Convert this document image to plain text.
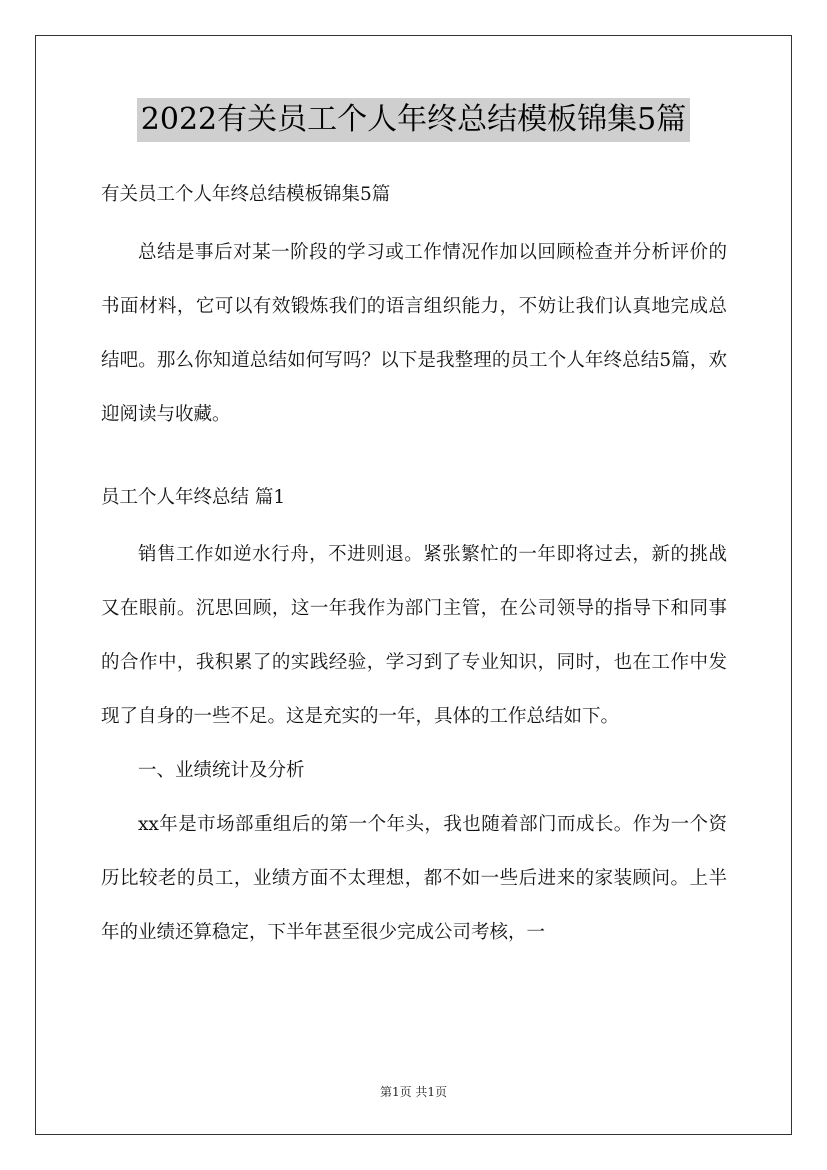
2022有关员工个人年终总结模板锦集5篇

有关员工个人年终总结模板锦集5篇

总结是事后对某一阶段的学习或工作情况作加以回顾检查并分析评价的书面材料，它可以有效锻炼我们的语言组织能力，不妨让我们认真地完成总结吧。那么你知道总结如何写吗？以下是我整理的员工个人年终总结5篇，欢迎阅读与收藏。

员工个人年终总结 篇1

销售工作如逆水行舟，不进则退。紧张繁忙的一年即将过去，新的挑战又在眼前。沉思回顾，这一年我作为部门主管，在公司领导的指导下和同事的合作中，我积累了的实践经验，学习到了专业知识，同时，也在工作中发现了自身的一些不足。这是充实的一年，具体的工作总结如下。

一、业绩统计及分析

xx年是市场部重组后的第一个年头，我也随着部门而成长。作为一个资历比较老的员工，业绩方面不太理想，都不如一些后进来的家装顾问。上半年的业绩还算稳定，下半年甚至很少完成公司考核，一

第1页 共1页
